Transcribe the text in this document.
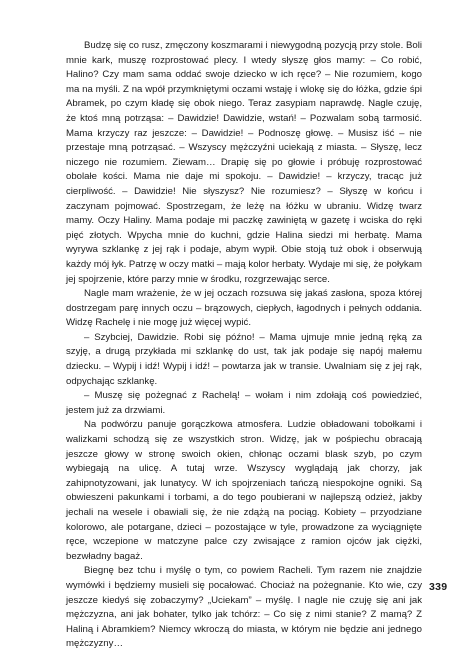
Budzę się co rusz, zmęczony koszmarami i niewygodną pozycją przy stole. Boli mnie kark, muszę rozprostować plecy. I wtedy słyszę głos mamy: – Co robić, Halino? Czy mam sama oddać swoje dziecko w ich ręce? – Nie rozumiem, kogo ma na myśli. Z na wpół przymkniętymi oczami wstaję i wlokę się do łóżka, gdzie śpi Abramek, po czym kładę się obok niego. Teraz zasypiam naprawdę. Nagle czuję, że ktoś mną potrząsa: – Dawidzie! Dawidzie, wstań! – Pozwalam sobą tarmosić. Mama krzyczy raz jeszcze: – Dawidzie! – Podnoszę głowę. – Musisz iść – nie przestaje mną potrząsać. – Wszyscy mężczyźni uciekają z miasta. – Słyszę, lecz niczego nie rozumiem. Ziewam… Drapię się po głowie i próbuję rozprostować obolałe kości. Mama nie daje mi spokoju. – Dawidzie! – krzyczy, tracąc już cierpliwość. – Dawidzie! Nie słyszysz? Nie rozumiesz? – Słyszę w końcu i zaczynam pojmować. Spostrzegam, że leżę na łóżku w ubraniu. Widzę twarz mamy. Oczy Haliny. Mama podaje mi paczkę zawiniętą w gazetę i wciska do ręki pięć złotych. Wpycha mnie do kuchni, gdzie Halina siedzi mi herbatę. Mama wyrywa szklankę z jej rąk i podaje, abym wypił. Obie stoją tuż obok i obserwują każdy mój łyk. Patrzę w oczy matki – mają kolor herbaty. Wydaje mi się, że połykam jej spojrzenie, które parzy mnie w środku, rozgrzewając serce.

Nagle mam wrażenie, że w jej oczach rozsuwa się jakaś zasłona, spoza której dostrzegam parę innych oczu – brązowych, ciepłych, łagodnych i pełnych oddania. Widzę Rachelę i nie mogę już więcej wypić.

– Szybciej, Dawidzie. Robi się późno! – Mama ujmuje mnie jedną ręką za szyję, a drugą przykłada mi szklankę do ust, tak jak podaje się napój małemu dziecku. – Wypij i idź! Wypij i idź! – powtarza jak w transie. Uwalniam się z jej rąk, odpychając szklankę.

– Muszę się pożegnać z Rachelą! – wołam i nim zdołają coś powiedzieć, jestem już za drzwiami.

Na podwórzu panuje gorączkowa atmosfera. Ludzie obładowani tobołkami i walizkami schodzą się ze wszystkich stron. Widzę, jak w pośpiechu obracają jeszcze głowy w stronę swoich okien, chłonąc oczami blask szyb, po czym wybiegają na ulicę. A tutaj wrze. Wszyscy wyglądają jak chorzy, jak zahipnotyzowani, jak lunatycy. W ich spojrzeniach tańczą niespokojne ogniki. Są obwieszeni pakunkami i torbami, a do tego poubierani w najlepszą odzież, jakby jechali na wesele i obawiali się, że nie zdążą na pociąg. Kobiety – przyodziane kolorowo, ale potargane, dzieci – pozostające w tyle, prowadzone za wyciągnięte ręce, wczepione w matczyne palce czy zwisające z ramion ojców jak ciężki, bezwładny bagaż.

Biegnę bez tchu i myślę o tym, co powiem Racheli. Tym razem nie znajdzie wymówki i będziemy musieli się pocałować. Chociaż na pożegnanie. Kto wie, czy jeszcze kiedyś się zobaczymy? „Uciekam” – myślę. I nagle nie czuję się ani jak mężczyzna, ani jak bohater, tylko jak tchórz: – Co się z nimi stanie? Z mamą? Z Haliną i Abramkiem? Niemcy wkroczą do miasta, w którym nie będzie ani jednego mężczyzny…

339
